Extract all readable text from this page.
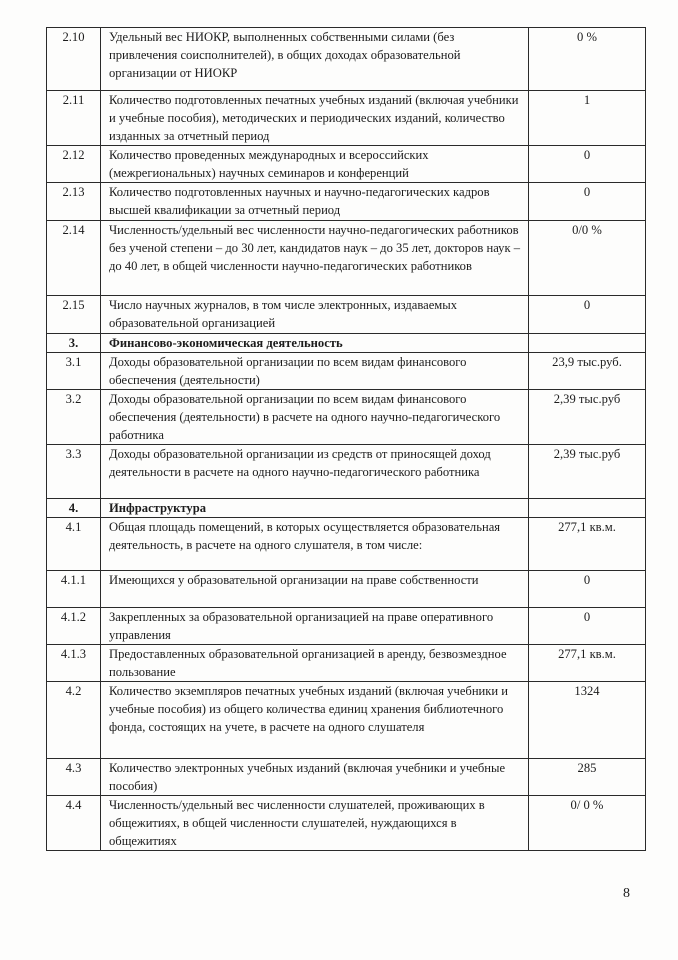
2.10	Удельный вес НИОКР, выполненных собственными силами (без привлечения соисполнителей), в общих доходах образовательной организации от НИОКР	0 %
2.11	Количество подготовленных печатных учебных изданий (включая учебники и учебные пособия), методических и периодических изданий, количество изданных за отчетный период	1
2.12	Количество проведенных международных и всероссийских (межрегиональных) научных семинаров и конференций	0
2.13	Количество подготовленных научных и научно-педагогических кадров высшей квалификации за отчетный период	0
2.14	Численность/удельный вес численности научно-педагогических работников без ученой степени – до 30 лет, кандидатов наук – до 35 лет, докторов наук – до 40 лет, в общей численности научно-педагогических работников	0/0 %
2.15	Число научных журналов, в том числе электронных, издаваемых образовательной организацией	0
3.	Финансово-экономическая деятельность	
3.1	Доходы образовательной организации по всем видам финансового обеспечения (деятельности)	23,9 тыс.руб.
3.2	Доходы образовательной организации по всем видам финансового обеспечения (деятельности) в расчете на одного научно-педагогического работника	2,39 тыс.руб
3.3	Доходы образовательной организации из средств от приносящей доход деятельности в расчете на одного научно-педагогического работника	2,39 тыс.руб
4.	Инфраструктура	
4.1	Общая площадь помещений, в которых осуществляется образовательная деятельность, в расчете на одного слушателя, в том числе:	277,1 кв.м.
4.1.1	Имеющихся у образовательной организации на праве собственности	0
4.1.2	Закрепленных за образовательной организацией на праве оперативного управления	0
4.1.3	Предоставленных образовательной организацией в аренду, безвозмездное пользование	277,1 кв.м.
4.2	Количество экземпляров печатных учебных изданий (включая учебники и учебные пособия) из общего количества единиц хранения библиотечного фонда, состоящих на учете, в расчете на одного слушателя	1324
4.3	Количество электронных учебных изданий (включая учебники и учебные пособия)	285
4.4	Численность/удельный вес численности слушателей, проживающих в общежитиях, в общей численности слушателей, нуждающихся в общежитиях	0/ 0 %
8
